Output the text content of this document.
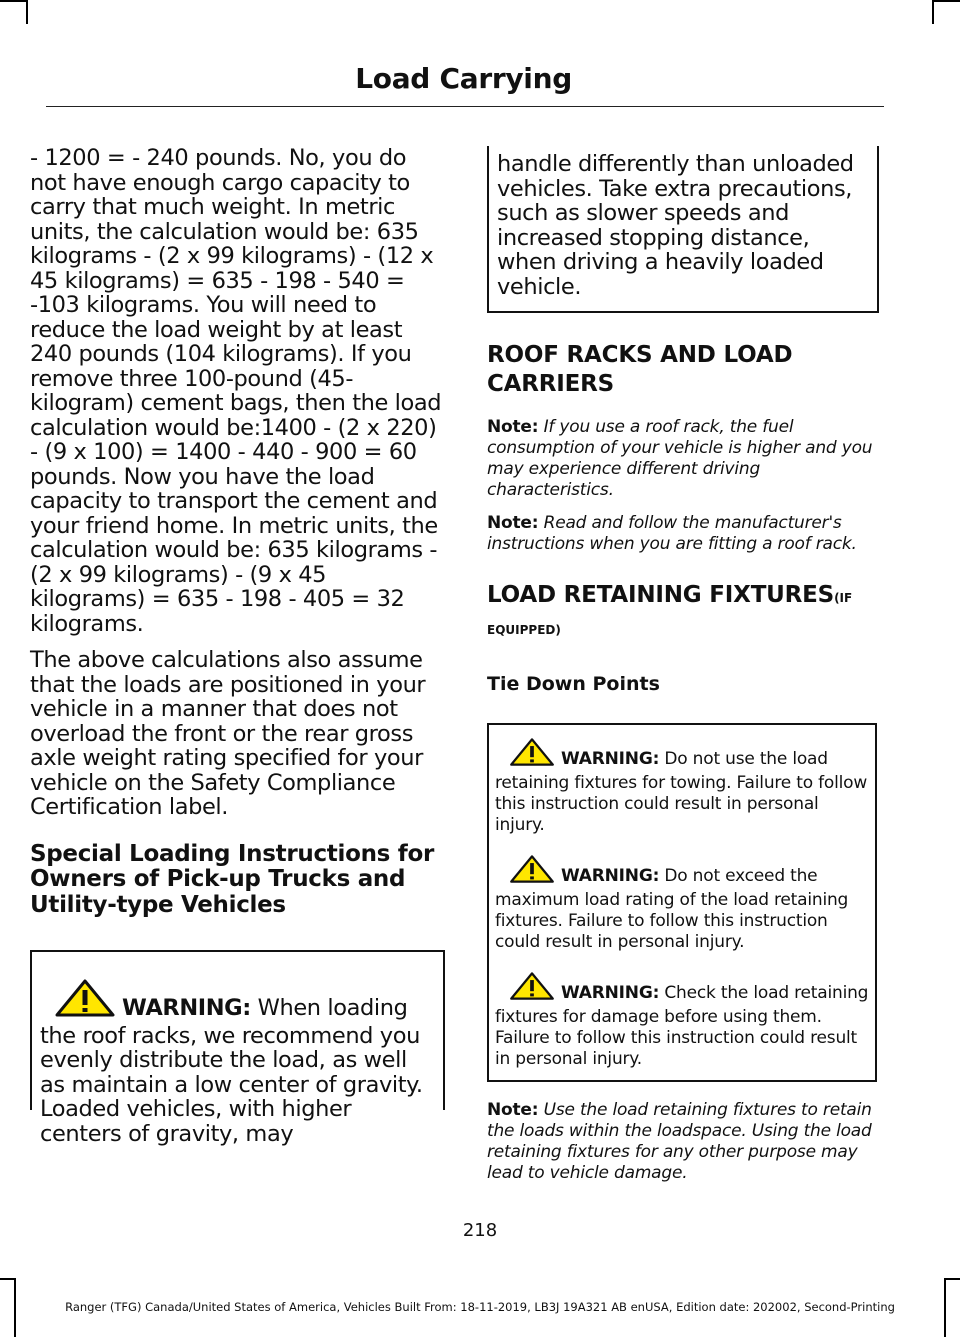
Load Carrying

- 1200 = - 240 pounds. No, you do not have enough cargo capacity to carry that much weight. In metric units, the calculation would be: 635 kilograms - (2 x 99 kilograms) - (12 x 45 kilograms) = 635 - 198 - 540 = -103 kilograms. You will need to reduce the load weight by at least 240 pounds (104 kilograms). If you remove three 100-pound (45-kilogram) cement bags, then the load calculation would be:1400 - (2 x 220) - (9 x 100) = 1400 - 440 - 900 = 60 pounds. Now you have the load capacity to transport the cement and your friend home. In metric units, the calculation would be: 635 kilograms - (2 x 99 kilograms) - (9 x 45 kilograms) = 635 - 198 - 405 = 32 kilograms.

The above calculations also assume that the loads are positioned in your vehicle in a manner that does not overload the front or the rear gross axle weight rating specified for your vehicle on the Safety Compliance Certification label.

Special Loading Instructions for Owners of Pick-up Trucks and Utility-type Vehicles

WARNING: When loading the roof racks, we recommend you evenly distribute the load, as well as maintain a low center of gravity. Loaded vehicles, with higher centers of gravity, may

handle differently than unloaded vehicles. Take extra precautions, such as slower speeds and increased stopping distance, when driving a heavily loaded vehicle.

ROOF RACKS AND LOAD CARRIERS

Note: If you use a roof rack, the fuel consumption of your vehicle is higher and you may experience different driving characteristics.

Note: Read and follow the manufacturer's instructions when you are fitting a roof rack.

LOAD RETAINING FIXTURES(IF EQUIPPED)
Tie Down Points

WARNING: Do not use the load retaining fixtures for towing. Failure to follow this instruction could result in personal injury.

WARNING: Do not exceed the maximum load rating of the load retaining fixtures. Failure to follow this instruction could result in personal injury.

WARNING: Check the load retaining fixtures for damage before using them. Failure to follow this instruction could result in personal injury.

Note: Use the load retaining fixtures to retain the loads within the loadspace. Using the load retaining fixtures for any other purpose may lead to vehicle damage.

218
Ranger (TFG) Canada/United States of America, Vehicles Built From: 18-11-2019, LB3J 19A321 AB enUSA, Edition date: 202002, Second-Printing
